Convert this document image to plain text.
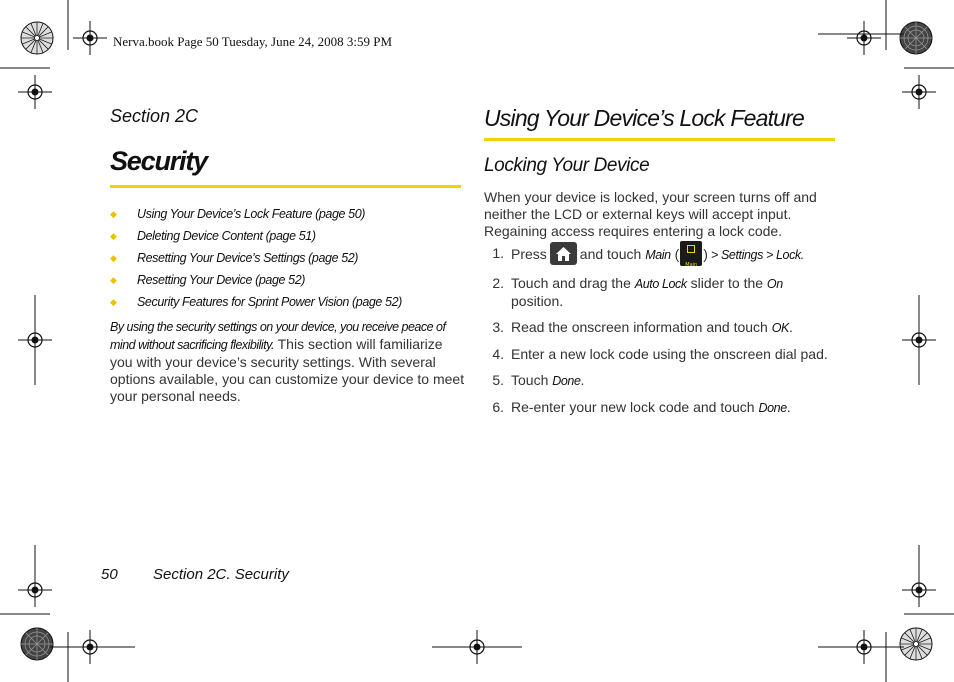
Nerva.book Page 50 Tuesday, June 24, 2008 3:59 PM
Section 2C
Security
◆	Using Your Device’s Lock Feature (page 50)
◆	Deleting Device Content (page 51)
◆	Resetting Your Device’s Settings (page 52)
◆	Resetting Your Device (page 52)
◆	Security Features for Sprint Power Vision (page 52)

By using the security settings on your device, you receive peace of mind without sacrificing flexibility. This section will familiarize you with your device’s security settings. With several options available, you can customize your device to meet your personal needs.

Using Your Device’s Lock Feature
Locking Your Device

When your device is locked, your screen turns off and neither the LCD or external keys will accept input. Regaining access requires entering a lock code.

1. Press and touch Main (
Main
) > Settings > Lock.
2. Touch and drag the Auto Lock slider to the On position.
3. Read the onscreen information and touch OK.
4. Enter a new lock code using the onscreen dial pad.
5. Touch Done.
6. Re-enter your new lock code and touch Done.
50 Section 2C. Security
